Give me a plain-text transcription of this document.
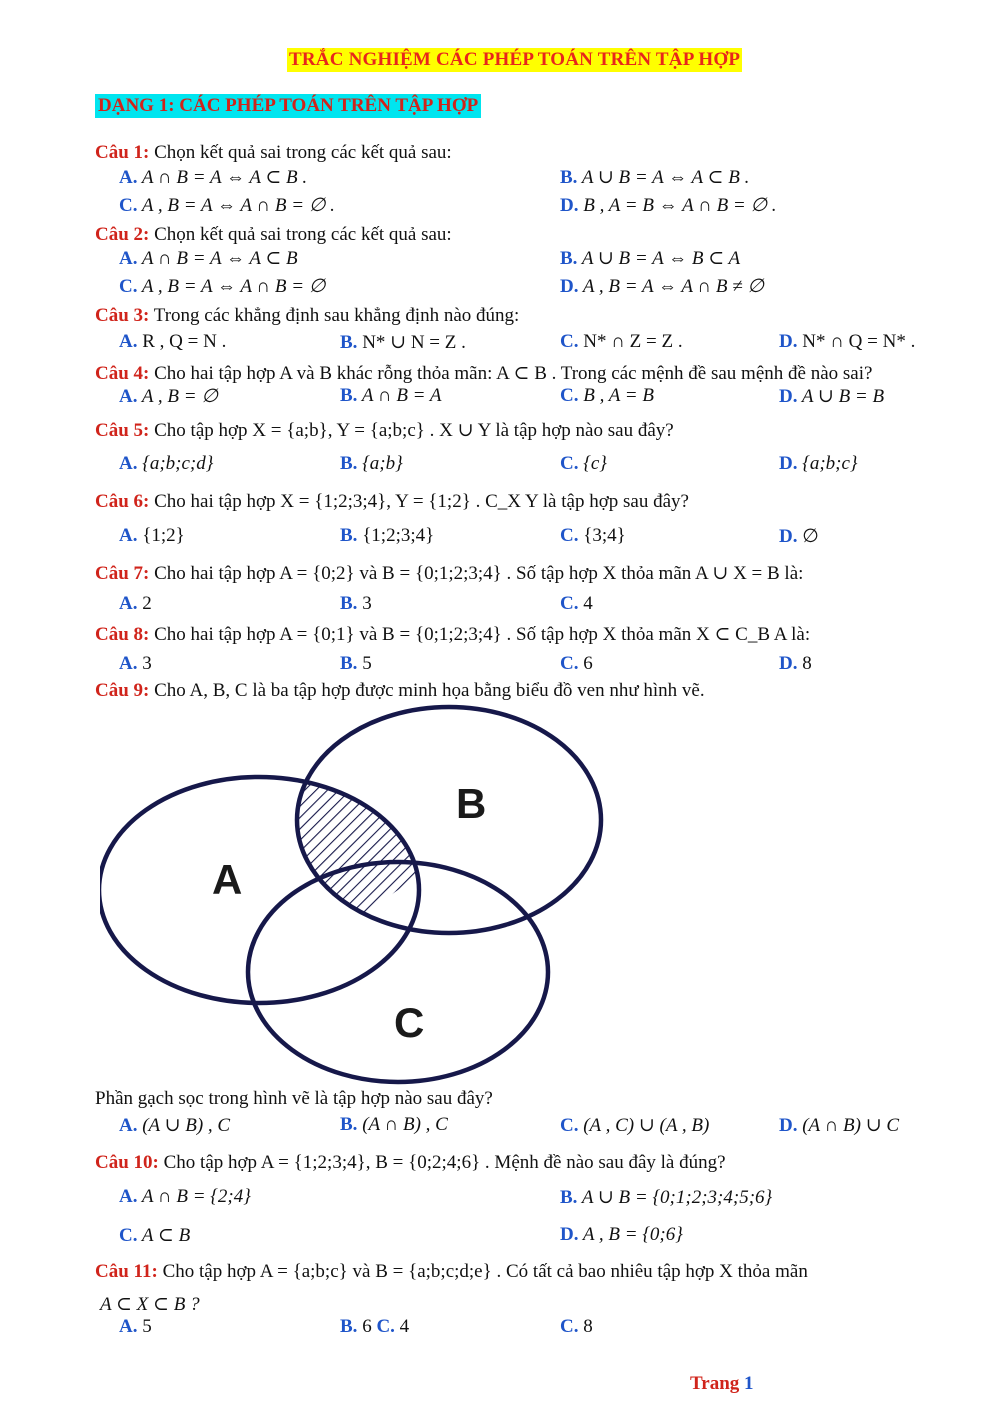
TRẮC NGHIỆM CÁC PHÉP TOÁN TRÊN TẬP HỢP
DẠNG 1: CÁC PHÉP TOÁN TRÊN TẬP HỢP
Câu 1: Chọn kết quả sai trong các kết quả sau:
A. A ∩ B = A ⇔ A ⊂ B .	B. A ∪ B = A ⇔ A ⊂ B .
C. A , B = A ⇔ A ∩ B = ∅ .	D. B , A = B ⇔ A ∩ B = ∅ .
Câu 2: Chọn kết quả sai trong các kết quả sau:
A. A ∩ B = A ⇔ A ⊂ B	B. A ∪ B = A ⇔ B ⊂ A
C. A , B = A ⇔ A ∩ B = ∅	D. A , B = A ⇔ A ∩ B ≠ ∅
Câu 3: Trong các khẳng định sau khẳng định nào đúng:
A. R , Q = N .	B. N* ∪ N = Z .	C. N* ∩ Z = Z .	D. N* ∩ Q = N* .
Câu 4: Cho hai tập hợp A và B khác rỗng thỏa mãn: A ⊂ B . Trong các mệnh đề sau mệnh đề nào sai?
A. A , B = ∅	B. A ∩ B = A	C. B , A = B	D. A ∪ B = B
Câu 5: Cho tập hợp X = {a;b}, Y = {a;b;c} . X ∪ Y là tập hợp nào sau đây?
A. {a;b;c;d}	B. {a;b}	C. {c}	D. {a;b;c}
Câu 6: Cho hai tập hợp X = {1;2;3;4}, Y = {1;2} . C_X Y là tập hợp sau đây?
A. {1;2}	B. {1;2;3;4}	C. {3;4}	D. ∅
Câu 7: Cho hai tập hợp A = {0;2} và B = {0;1;2;3;4} . Số tập hợp X thỏa mãn A ∪ X = B là:
A. 2	B. 3	C. 4
Câu 8: Cho hai tập hợp A = {0;1} và B = {0;1;2;3;4} . Số tập hợp X thỏa mãn X ⊂ C_B A là:
A. 3	B. 5	C. 6	D. 8
Câu 9: Cho A, B, C là ba tập hợp được minh họa bằng biểu đồ ven như hình vẽ.
A
B
C
Phần gạch sọc trong hình vẽ là tập hợp nào sau đây?
A. (A ∪ B) , C	B. (A ∩ B) , C	C. (A , C) ∪ (A , B)	D. (A ∩ B) ∪ C
Câu 10: Cho tập hợp A = {1;2;3;4}, B = {0;2;4;6} . Mệnh đề nào sau đây là đúng?
A. A ∩ B = {2;4}	B. A ∪ B = {0;1;2;3;4;5;6}
C. A ⊂ B	D. A , B = {0;6}
Câu 11: Cho tập hợp A = {a;b;c} và B = {a;b;c;d;e} . Có tất cả bao nhiêu tập hợp X thỏa mãn
A ⊂ X ⊂ B ?
A. 5	B. 6 C. 4	C. 8
Trang 1
